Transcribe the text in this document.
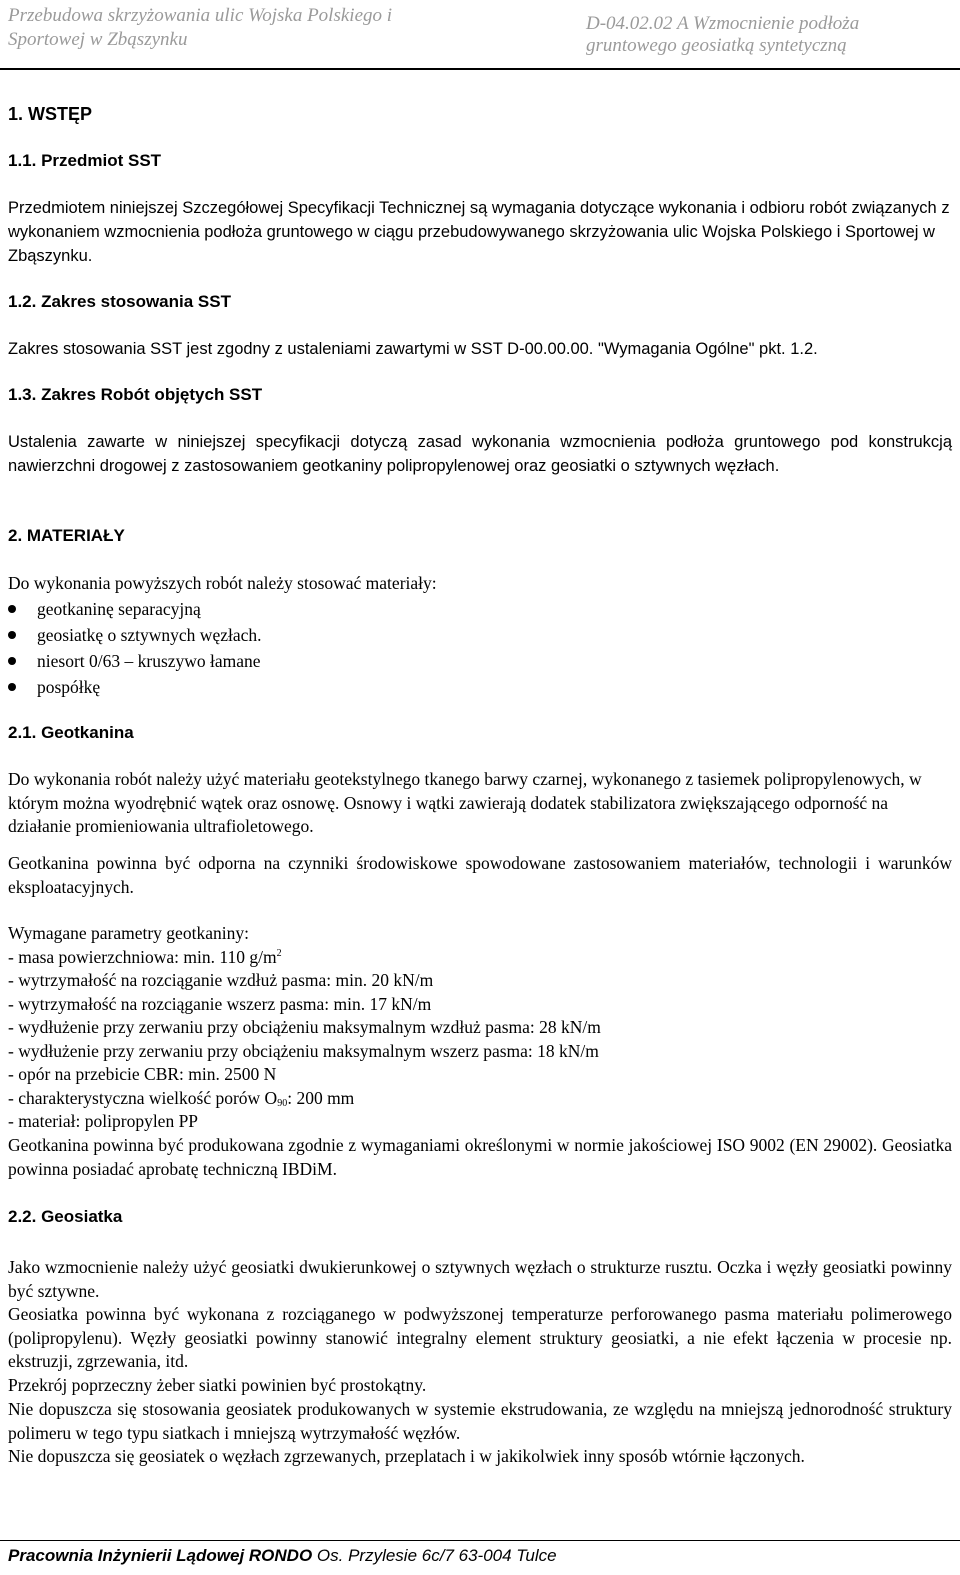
Przebudowa skrzyżowania ulic Wojska Polskiego i
Sportowej w Zbąszynku
D-04.02.02 A Wzmocnienie podłoża
gruntowego geosiatką syntetyczną
1. WSTĘP
1.1. Przedmiot SST
Przedmiotem niniejszej Szczegółowej Specyfikacji Technicznej są wymagania dotyczące wykonania i odbioru robót związanych z wykonaniem wzmocnienia podłoża gruntowego w ciągu przebudowywanego skrzyżowania ulic Wojska Polskiego i Sportowej w Zbąszynku.
1.2. Zakres stosowania SST
Zakres stosowania SST jest zgodny z ustaleniami zawartymi w SST D-00.00.00. "Wymagania Ogólne" pkt. 1.2.
1.3. Zakres Robót objętych SST
Ustalenia zawarte w niniejszej specyfikacji dotyczą zasad wykonania wzmocnienia podłoża gruntowego pod konstrukcją nawierzchni drogowej z zastosowaniem geotkaniny polipropylenowej oraz geosiatki o sztywnych węzłach.
2. MATERIAŁY
Do wykonania powyższych robót należy stosować materiały:
geotkaninę separacyjną
geosiatkę o sztywnych węzłach.
niesort 0/63 – kruszywo łamane
pospółkę
2.1. Geotkanina
Do wykonania robót należy użyć materiału geotekstylnego tkanego barwy czarnej, wykonanego z tasiemek polipropylenowych, w którym można wyodrębnić wątek oraz osnowę. Osnowy i wątki zawierają dodatek stabilizatora zwiększającego odporność na działanie promieniowania ultrafioletowego.
Geotkanina powinna być odporna na czynniki środowiskowe spowodowane zastosowaniem materiałów, technologii i warunków eksploatacyjnych.
Wymagane parametry geotkaniny:
- masa powierzchniowa: min. 110 $g/m^2$
- wytrzymałość na rozciąganie wzdłuż pasma: min. 20 kN/m
- wytrzymałość na rozciąganie wszerz pasma: min. 17 kN/m
- wydłużenie przy zerwaniu przy obciążeniu maksymalnym wzdłuż pasma: 28 kN/m
- wydłużenie przy zerwaniu przy obciążeniu maksymalnym wszerz pasma: 18 kN/m
- opór na przebicie CBR: min. 2500 N
- charakterystyczna wielkość porów $O_{90}$: 200 mm
- materiał: polipropylen PP
Geotkanina powinna być produkowana zgodnie z wymaganiami określonymi w normie jakościowej ISO 9002 (EN 29002). Geosiatka powinna posiadać aprobatę techniczną IBDiM.
2.2. Geosiatka
Jako wzmocnienie należy użyć geosiatki dwukierunkowej o sztywnych węzłach o strukturze rusztu. Oczka i węzły geosiatki powinny być sztywne.
Geosiatka powinna być wykonana z rozciąganego w podwyższonej temperaturze perforowanego pasma materiału polimerowego (polipropylenu). Węzły geosiatki powinny stanowić integralny element struktury geosiatki, a nie efekt łączenia w procesie np. ekstruzji, zgrzewania, itd.
Przekrój poprzeczny żeber siatki powinien być prostokątny.
Nie dopuszcza się stosowania geosiatek produkowanych w systemie ekstrudowania, ze względu na mniejszą jednorodność struktury polimeru w tego typu siatkach i mniejszą wytrzymałość węzłów.
Nie dopuszcza się geosiatek o węzłach zgrzewanych, przeplatach i w jakikolwiek inny sposób wtórnie łączonych.
Pracownia Inżynierii Lądowej RONDO Os. Przylesie 6c/7 63-004 Tulce
